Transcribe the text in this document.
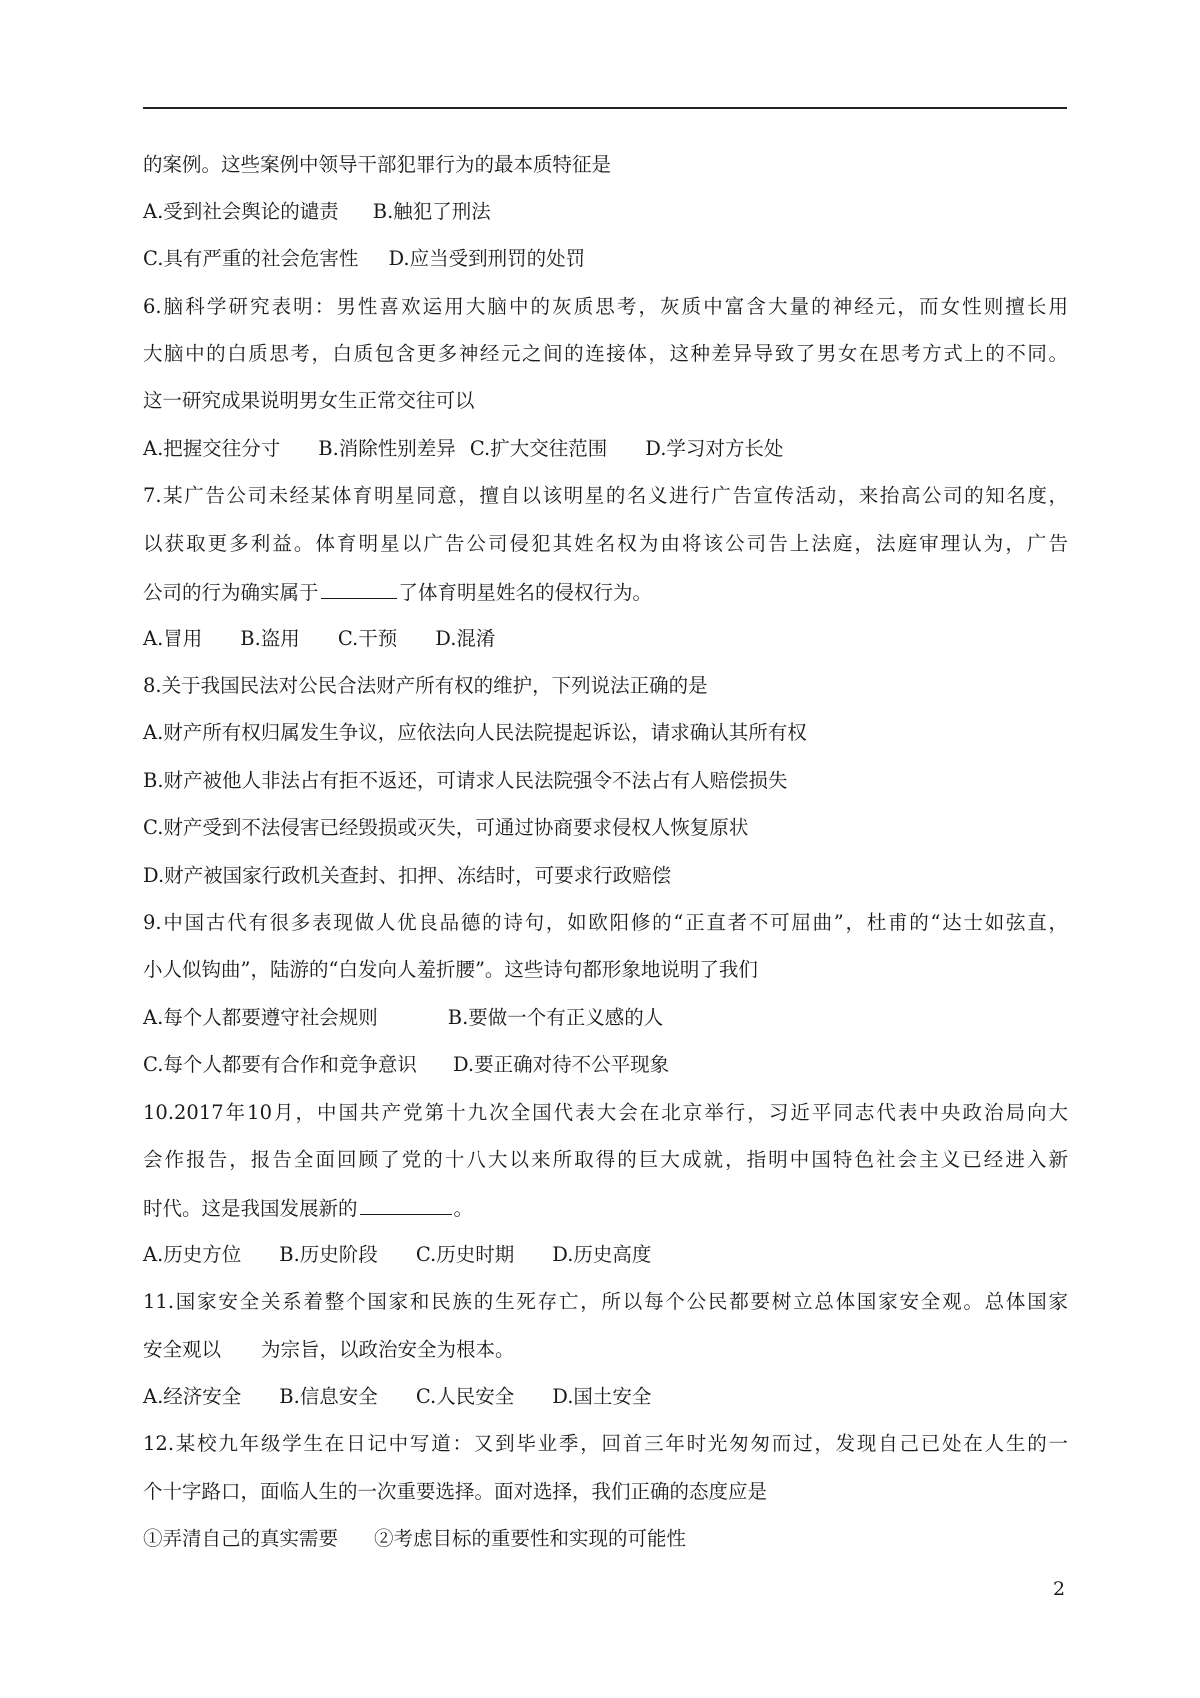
的案例。这些案例中领导干部犯罪行为的最本质特征是
A.受到社会舆论的谴责 B.触犯了刑法
C.具有严重的社会危害性 D.应当受到刑罚的处罚
6.脑科学研究表明：男性喜欢运用大脑中的灰质思考，灰质中富含大量的神经元，而女性则擅长用
大脑中的白质思考，白质包含更多神经元之间的连接体，这种差异导致了男女在思考方式上的不同。
这一研究成果说明男女生正常交往可以
A.把握交往分寸 B.消除性别差异 C.扩大交往范围 D.学习对方长处
7.某广告公司未经某体育明星同意，擅自以该明星的名义进行广告宣传活动，来抬高公司的知名度，
以获取更多利益。体育明星以广告公司侵犯其姓名权为由将该公司告上法庭，法庭审理认为，广告
公司的行为确实属于	了体育明星姓名的侵权行为。
A.冒用 B.盗用 C.干预 D.混淆
8.关于我国民法对公民合法财产所有权的维护，下列说法正确的是
A.财产所有权归属发生争议，应依法向人民法院提起诉讼，请求确认其所有权
B.财产被他人非法占有拒不返还，可请求人民法院强令不法占有人赔偿损失
C.财产受到不法侵害已经毁损或灭失，可通过协商要求侵权人恢复原状
D.财产被国家行政机关查封、扣押、冻结时，可要求行政赔偿
9.中国古代有很多表现做人优良品德的诗句，如欧阳修的“正直者不可屈曲”，杜甫的“达士如弦直，
小人似钩曲”，陆游的“白发向人羞折腰”。这些诗句都形象地说明了我们
A.每个人都要遵守社会规则	B.要做一个有正义感的人
C.每个人都要有合作和竞争意识 D.要正确对待不公平现象
10.2017年10月，中国共产党第十九次全国代表大会在北京举行，习近平同志代表中央政治局向大
会作报告，报告全面回顾了党的十八大以来所取得的巨大成就，指明中国特色社会主义已经进入新
时代。这是我国发展新的	。
A.历史方位 B.历史阶段 C.历史时期 D.历史高度
11.国家安全关系着整个国家和民族的生死存亡，所以每个公民都要树立总体国家安全观。总体国家
安全观以 为宗旨，以政治安全为根本。
A.经济安全 B.信息安全 C.人民安全 D.国土安全
12.某校九年级学生在日记中写道：又到毕业季，回首三年时光匆匆而过，发现自己已处在人生的一
个十字路口，面临人生的一次重要选择。面对选择，我们正确的态度应是
①弄清自己的真实需要 ②考虑目标的重要性和实现的可能性
2
